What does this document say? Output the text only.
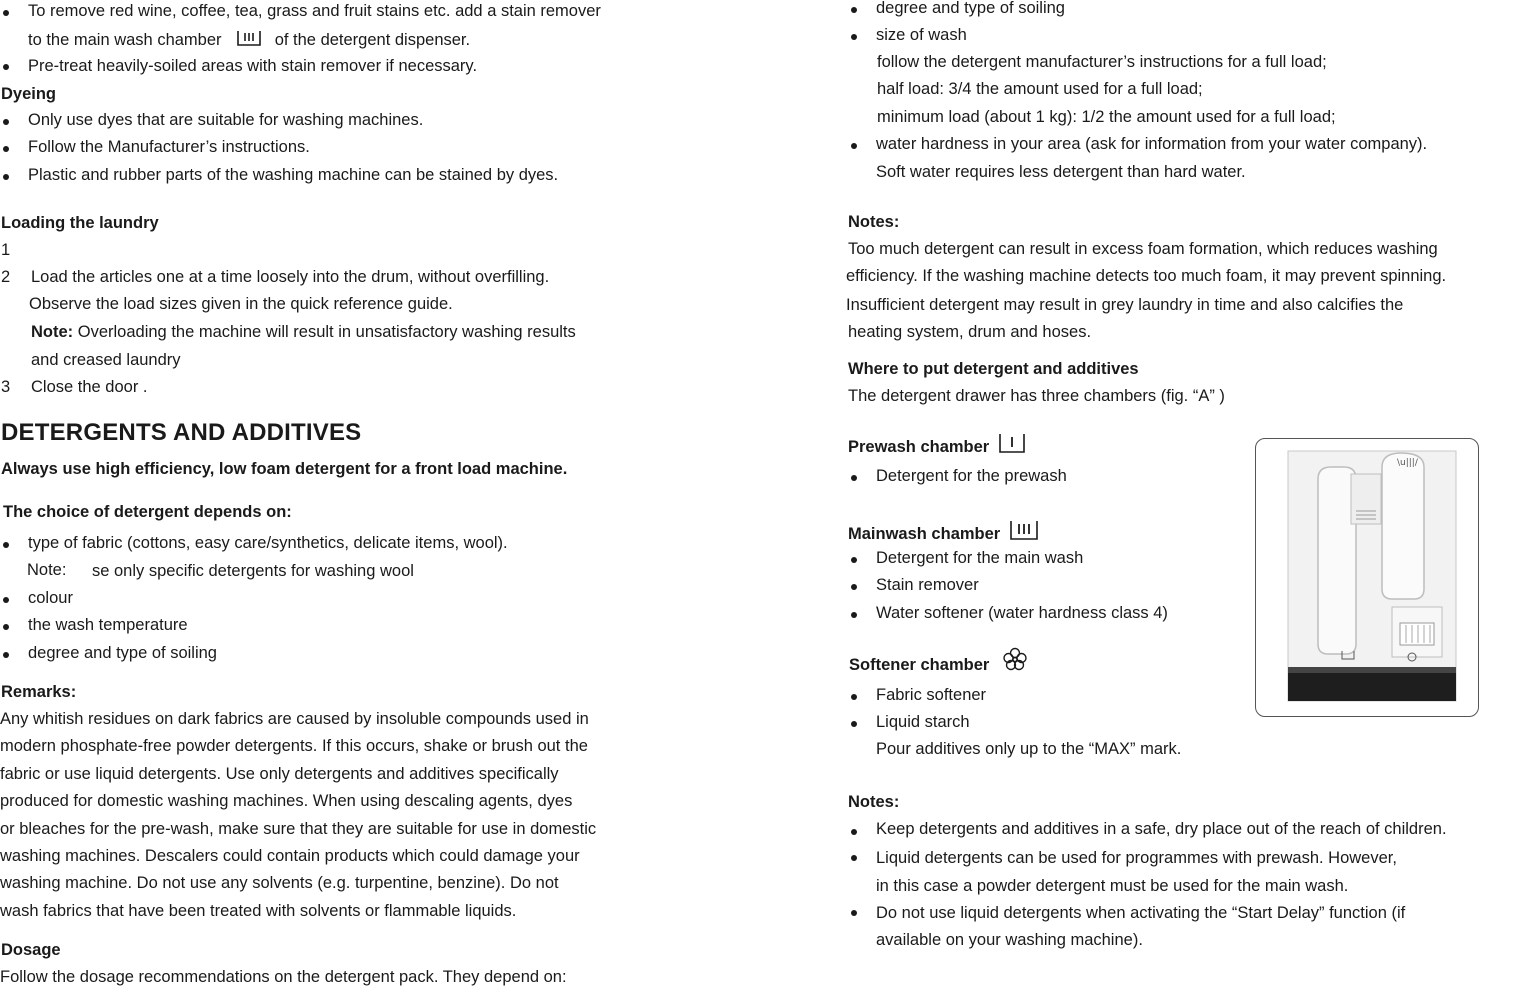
To remove red wine, coffee, tea, grass and fruit stains etc. add a stain remover
to the main wash chamber	of the detergent dispenser.
Pre-treat heavily-soiled areas with stain remover if necessary.
Dyeing
Only use dyes that are suitable for washing machines.
Follow the Manufacturer’s instructions.
Plastic and rubber parts of the washing machine can be stained by dyes.
Loading the laundry
1
2 Load the articles one at a time loosely into the drum, without overfilling.
Observe the load sizes given in the quick reference guide.
Note: Overloading the machine will result in unsatisfactory washing results
and creased laundry
3 Close the door .
DETERGENTS AND ADDITIVES
Always use high efficiency, low foam detergent for a front load machine.
The choice of detergent depends on:
type of fabric (cottons, easy care/synthetics, delicate items, wool).
Note: se only specific detergents for washing wool
colour
the wash temperature
degree and type of soiling
Remarks:
Any whitish residues on dark fabrics are caused by insoluble compounds used in
modern phosphate-free powder detergents. If this occurs, shake or brush out the
fabric or use liquid detergents. Use only detergents and additives specifically
produced for domestic washing machines. When using descaling agents, dyes
or bleaches for the pre-wash, make sure that they are suitable for use in domestic
washing machines. Descalers could contain products which could damage your
washing machine. Do not use any solvents (e.g. turpentine, benzine). Do not
wash fabrics that have been treated with solvents or flammable liquids.
Dosage
Follow the dosage recommendations on the detergent pack. They depend on:
degree and type of soiling
size of wash
follow the detergent manufacturer’s instructions for a full load;
half load: 3/4 the amount used for a full load;
minimum load (about 1 kg): 1/2 the amount used for a full load;
water hardness in your area (ask for information from your water company).
Soft water requires less detergent than hard water.
Notes:
Too much detergent can result in excess foam formation, which reduces washing
efficiency. If the washing machine detects too much foam, it may prevent spinning.
Insufficient detergent may result in grey laundry in time and also calcifies the
heating system, drum and hoses.
Where to put detergent and additives
The detergent drawer has three chambers (fig. “A” )
Prewash chamber
Detergent for the prewash
Mainwash chamber
Detergent for the main wash
Stain remover
Water softener (water hardness class 4)
Softener chamber
Fabric softener
Liquid starch
Pour additives only up to the “MAX” mark.
Notes:
Keep detergents and additives in a safe, dry place out of the reach of children.
Liquid detergents can be used for programmes with prewash. However,
in this case a powder detergent must be used for the main wash.
Do not use liquid detergents when activating the “Start Delay” function (if
available on your washing machine).
\u|||/
